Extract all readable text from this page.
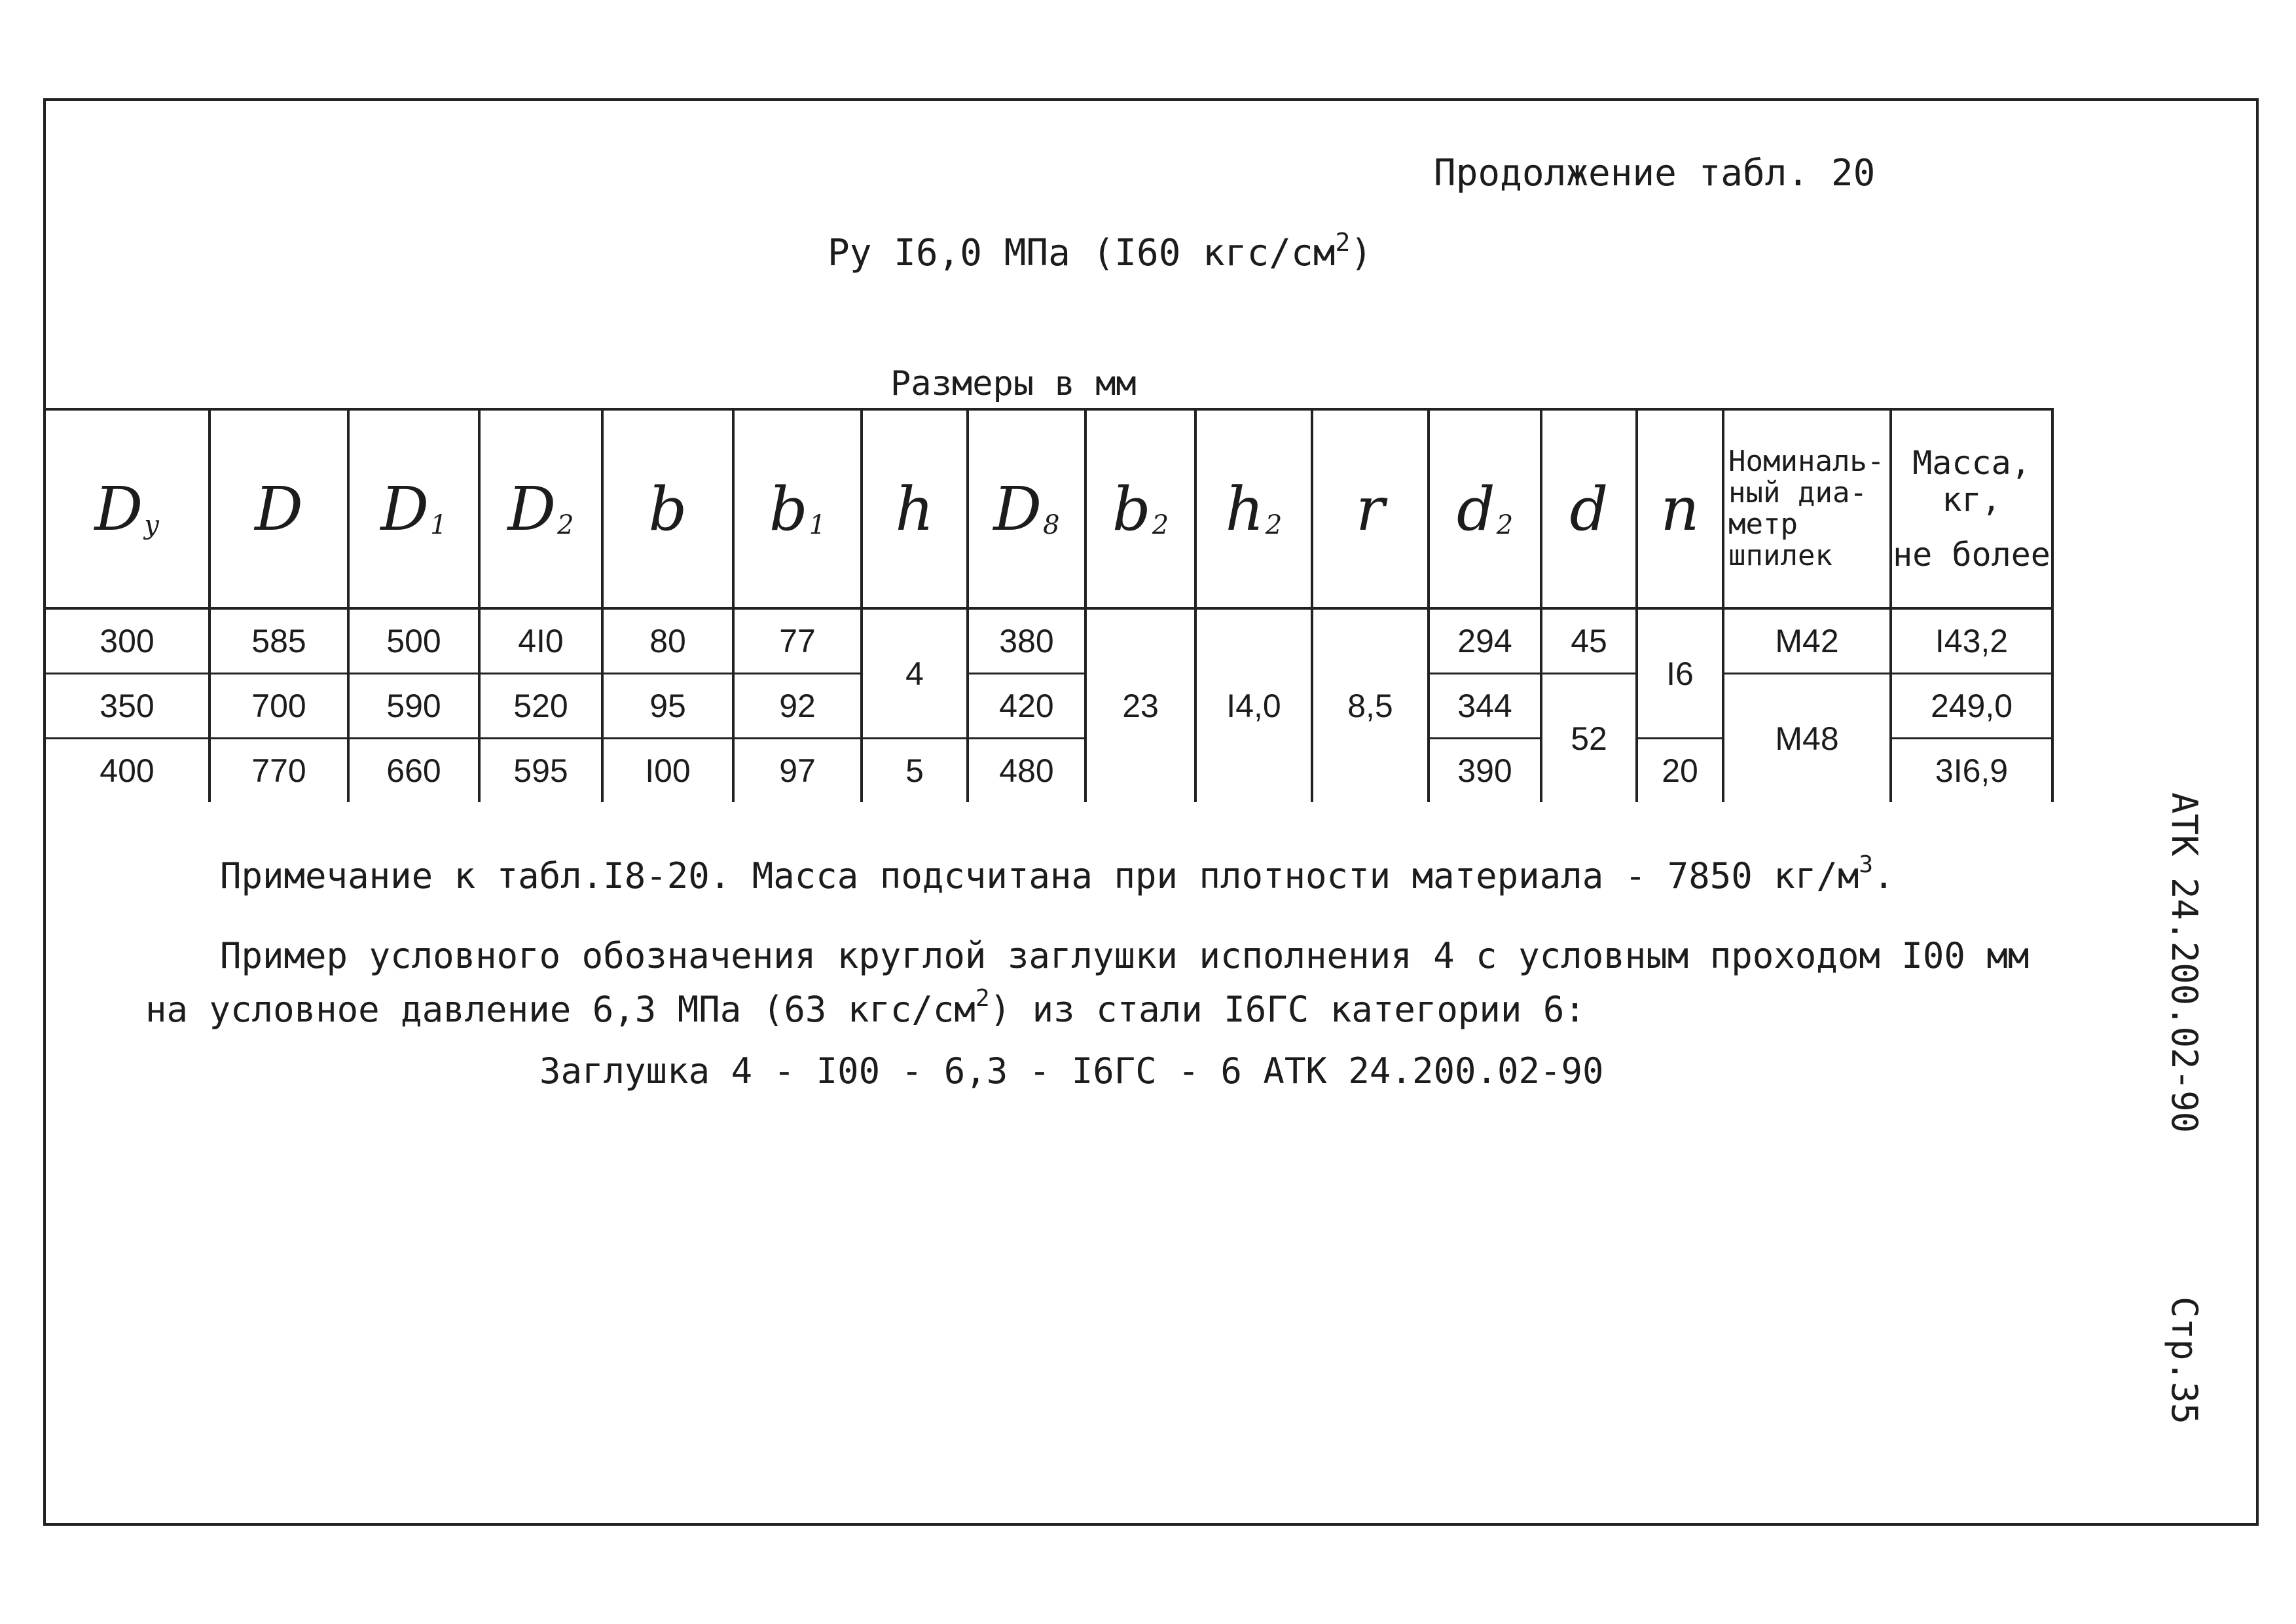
Продолжение табл. 20
Ру I6,0 МПа (I60 кгс/$см^2$)
Размеры в мм
$D_у$	D	$D_1$	$D_2$	b	$b_1$	h	$D_8$	$b_2$	$h_2$	r	$d_2$	d	n	Номиналь-
ный диа-
метр
шпилек	Масса,
кг,
не более

300	585	500	4I0	80	77	4	380	23	I4,0	8,5	294	45	I6	М42	I43,2
350	700	590	520	95	92		420				344	52		М48	249,0
400	770	660	595	I00	97	5	480				390		20		3I6,9
Примечание к табл.I8-20. Масса подсчитана при плотности материала - 7850 $кг/м^3$.
Пример условного обозначения круглой заглушки исполнения 4 с условным проходом I00 мм
на условное давление 6,3 МПа (63 кгс/$см^2$) из стали I6ГС категории 6:
Заглушка 4 - I00 - 6,3 - I6ГС - 6 АТК 24.200.02-90	АТК 24.200.02-90
Стр.35
